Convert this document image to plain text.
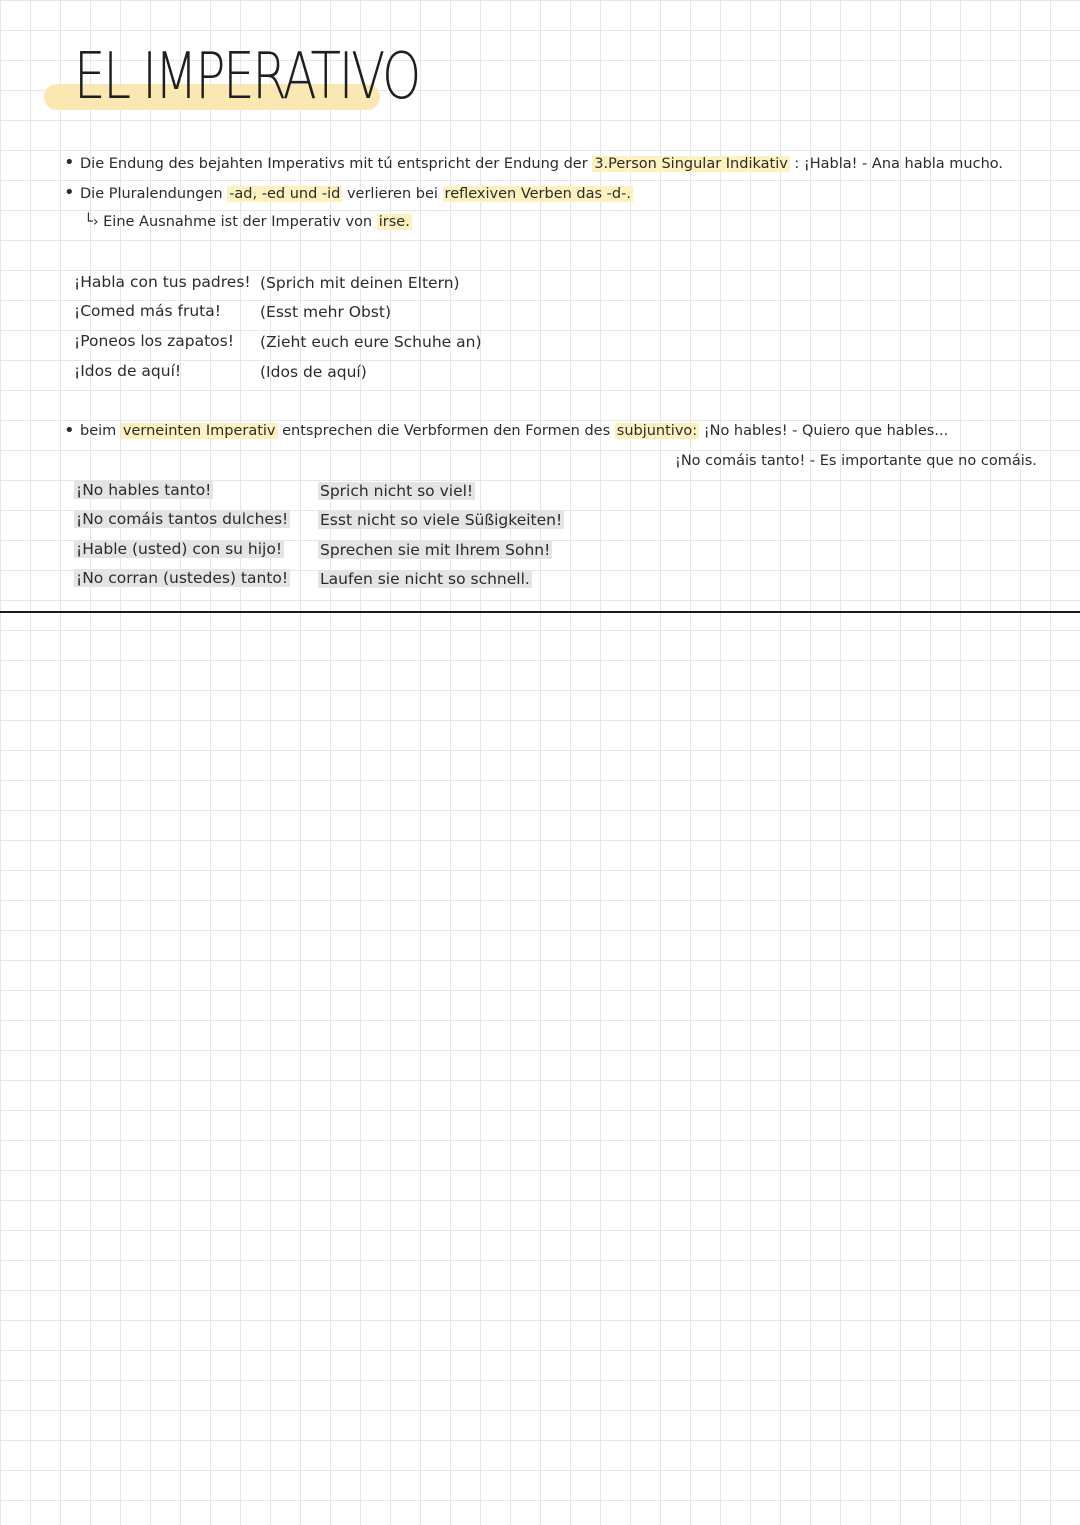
EL IMPERATIVO
• Die Endung des bejahten Imperativs mit tú entspricht der Endung der 3.Person Singular Indikativ : ¡Habla! - Ana habla mucho.
• Die Pluralendungen -ad, -ed und -id verlieren bei reflexiven Verben das -d-.
└› Eine Ausnahme ist der Imperativ von irse.
¡Habla con tus padres! (Sprich mit deinen Eltern)
¡Comed más fruta!	(Esst mehr Obst)
¡Poneos los zapatos! (Zieht euch eure Schuhe an)
¡Idos de aquí!	(Idos de aquí)
• beim verneinten Imperativ entsprechen die Verbformen den Formen des subjuntivo: ¡No hables! - Quiero que hables...
¡No comáis tanto! - Es importante que no comáis.
¡No hables tanto!	Sprich nicht so viel!
¡No comáis tantos dulches! Esst nicht so viele Süßigkeiten!
¡Hable (usted) con su hijo! Sprechen sie mit Ihrem Sohn!
¡No corran (ustedes) tanto! Laufen sie nicht so schnell.
